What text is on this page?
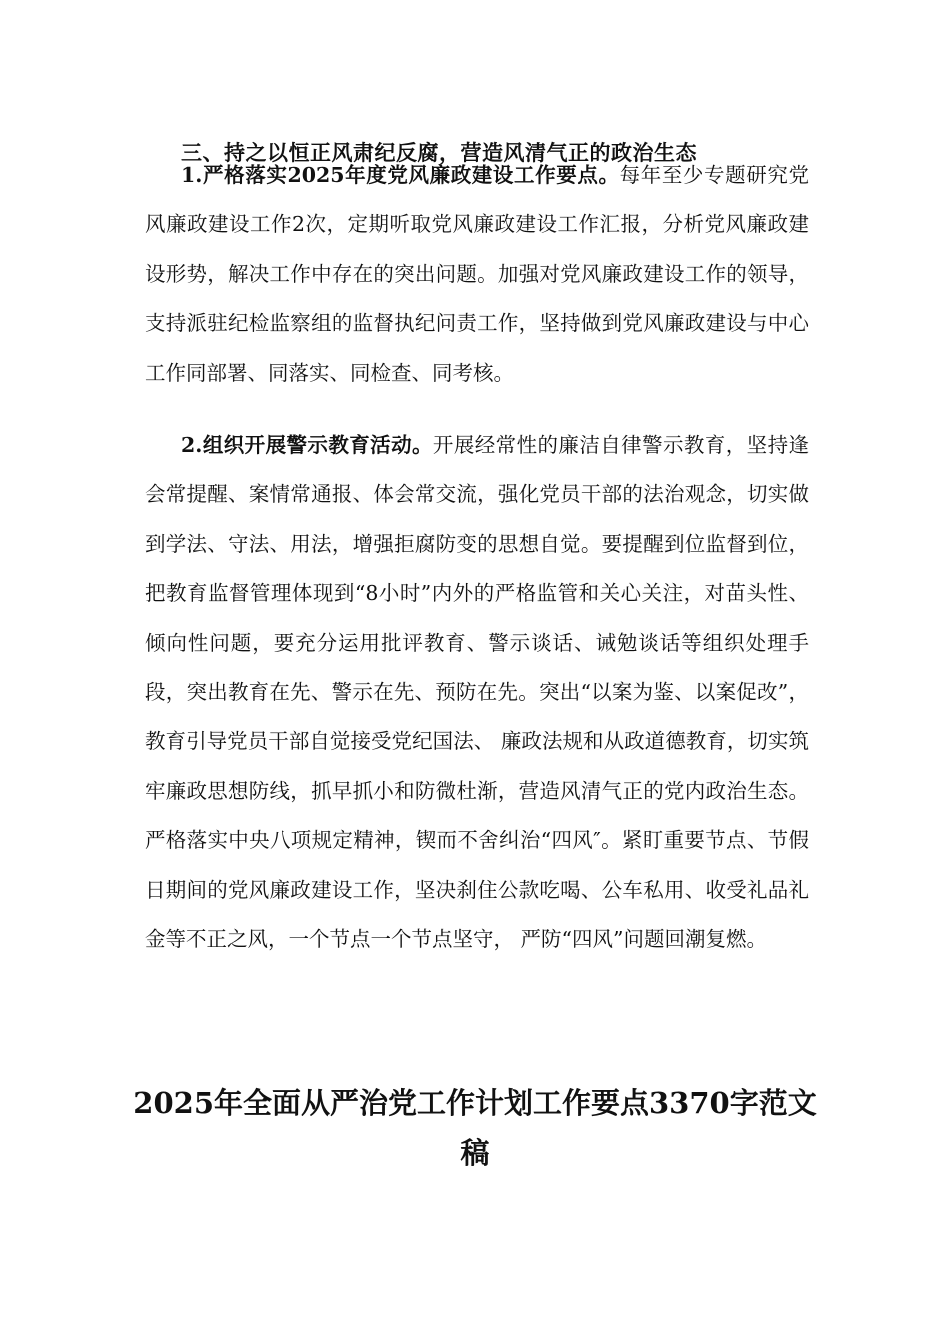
三、持之以恒正风肃纪反腐，营造风清气正的政治生态
1.严格落实2025年度党风廉政建设工作要点。每年至少专题研究党风廉政建设工作2次，定期听取党风廉政建设工作汇报，分析党风廉政建设形势，解决工作中存在的突出问题。加强对党风廉政建设工作的领导，支持派驻纪检监察组的监督执纪问责工作，坚持做到党风廉政建设与中心工作同部署、同落实、同检查、同考核。
2.组织开展警示教育活动。开展经常性的廉洁自律警示教育，坚持逢会常提醒、案情常通报、体会常交流，强化党员干部的法治观念，切实做到学法、守法、用法，增强拒腐防变的思想自觉。要提醒到位监督到位，把教育监督管理体现到“8小时”内外的严格监管和关心关注，对苗头性、倾向性问题，要充分运用批评教育、警示谈话、诫勉谈话等组织处理手段，突出教育在先、警示在先、预防在先。突出“以案为鉴、以案促改”，教育引导党员干部自觉接受党纪国法、 廉政法规和从政道德教育，切实筑牢廉政思想防线，抓早抓小和防微杜渐，营造风清气正的党内政治生态。严格落实中央八项规定精神，锲而不舍纠治“四风″。紧盯重要节点、节假日期间的党风廉政建设工作，坚决刹住公款吃喝、公车私用、收受礼品礼金等不正之风，一个节点一个节点坚守， 严防“四风”问题回潮复燃。
2025年全面从严治党工作计划工作要点3370字范文稿
